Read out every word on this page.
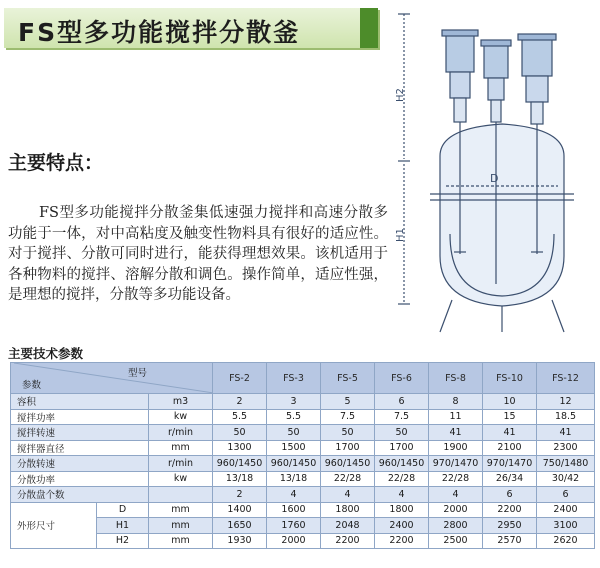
FS型多功能搅拌分散釜
主要特点：

FS型多功能搅拌分散釜集低速强力搅拌和高速分散多功能于一体，对中高粘度及触变性物料具有很好的适应性。对于搅拌、分散可同时进行，能获得理想效果。该机适用于各种物料的搅拌、溶解分散和调色。操作简单，适应性强，是理想的搅拌，分散等多功能设备。

H2
H1
D
主要技术参数
型号
参数			FS-2	FS-3	FS-5	FS-6	FS-8	FS-10	FS-12
容积		m3	2	3	5	6	8	10	12
搅拌功率		kw	5.5	5.5	7.5	7.5	11	15	18.5
搅拌转速		r/min	50	50	50	50	41	41	41
搅拌器直径		mm	1300	1500	1700	1700	1900	2100	2300
分散转速		r/min	960/1450	960/1450	960/1450	960/1450	970/1470	970/1470	750/1480
分散功率		kw	13/18	13/18	22/28	22/28	22/28	26/34	30/42
分散盘个数			2	4	4	4	4	6	6
外形尺寸	D	mm	1400	1600	1800	1800	2000	2200	2400
	H1	mm	1650	1760	2048	2400	2800	2950	3100
	H2	mm	1930	2000	2200	2200	2500	2570	2620
